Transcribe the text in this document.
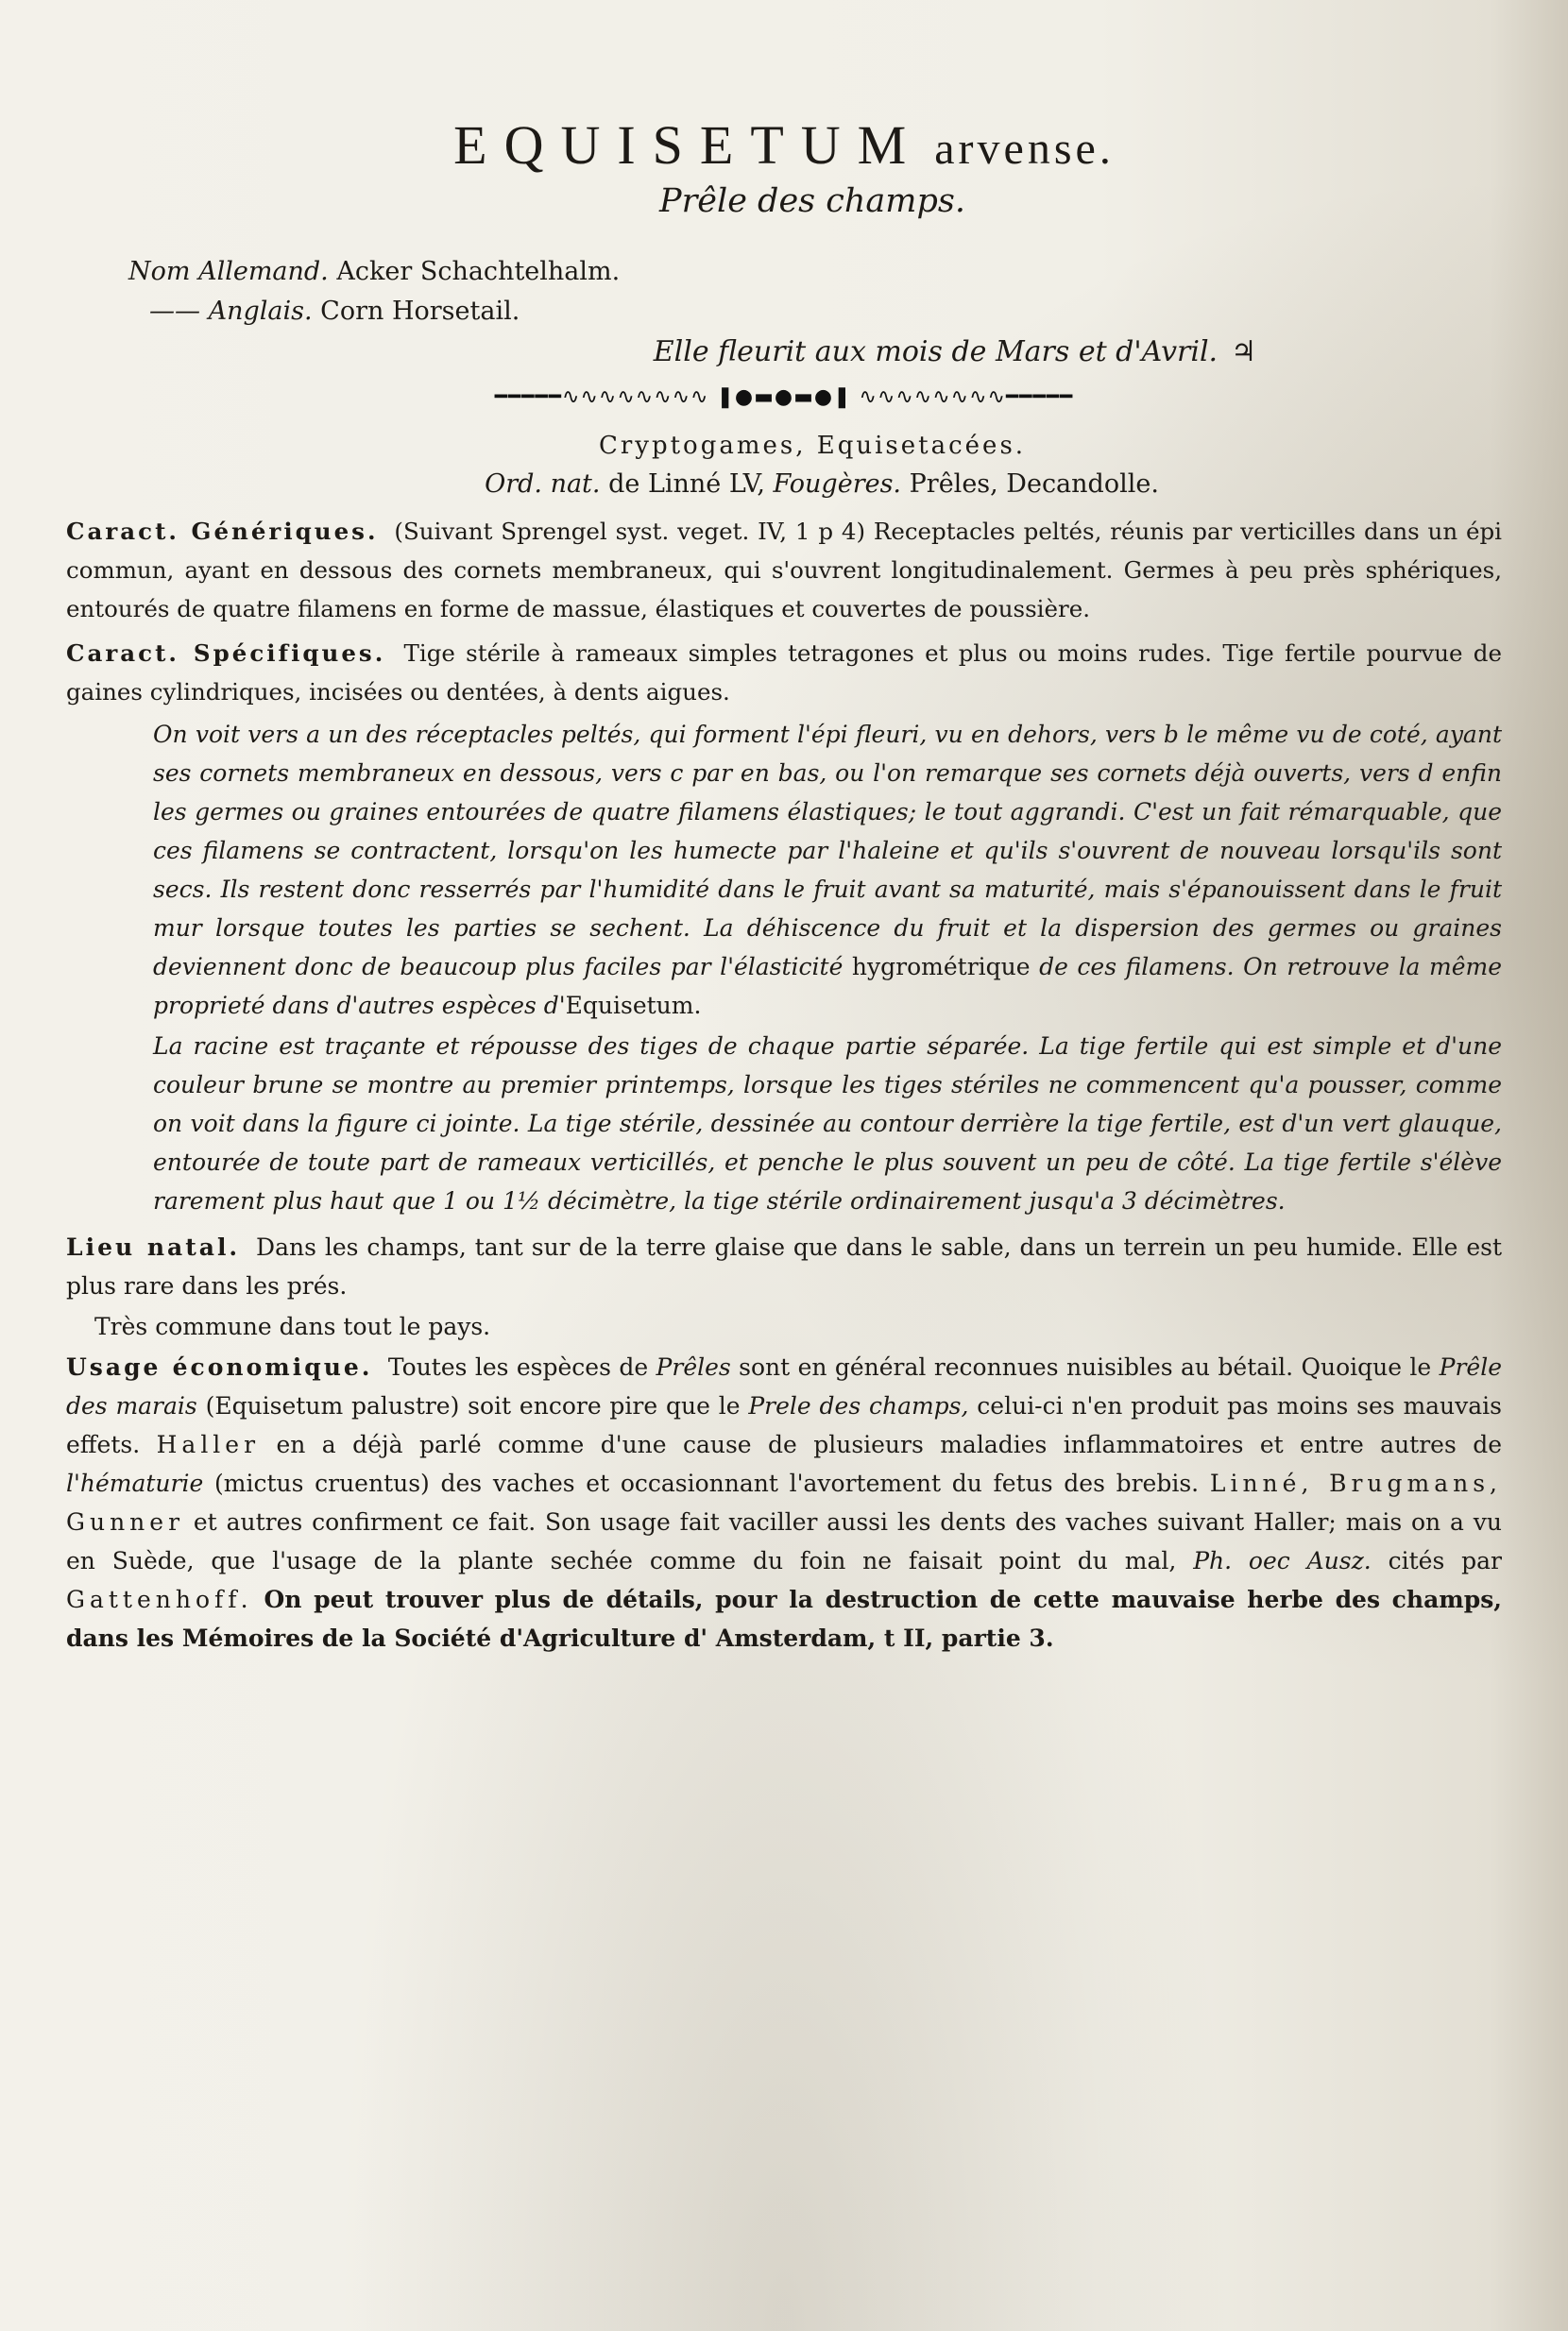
EQUISETUM arvense.
Prêle des champs.
Nom Allemand. Acker Schachtelhalm.
—— Anglais. Corn Horsetail.
Elle fleurit aux mois de Mars et d'Avril. ♃
━━━━━∿∿∿∿∿∿∿∿ ❚●▬●▬●❚ ∿∿∿∿∿∿∿∿━━━━━
Cryptogames, Equisetacées.
Ord. nat. de Linné LV, Fougères. Prêles, Decandolle.
Caract. Génériques. (Suivant Sprengel syst. veget. IV, 1 p 4) Receptacles peltés, réunis par verticilles dans un épi commun, ayant en dessous des cornets membraneux, qui s'ouvrent longitudinalement. Germes à peu près sphériques, entourés de quatre filamens en forme de massue, élastiques et couvertes de poussière.
Caract. Spécifiques. Tige stérile à rameaux simples tetragones et plus ou moins rudes. Tige fertile pourvue de gaines cylindriques, incisées ou dentées, à dents aigues.
On voit vers a un des réceptacles peltés, qui forment l'épi fleuri, vu en dehors, vers b le même vu de coté, ayant ses cornets membraneux en dessous, vers c par en bas, ou l'on remarque ses cornets déjà ouverts, vers d enfin les germes ou graines entourées de quatre filamens élastiques; le tout aggrandi. C'est un fait rémarquable, que ces filamens se contractent, lorsqu'on les humecte par l'haleine et qu'ils s'ouvrent de nouveau lorsqu'ils sont secs. Ils restent donc resserrés par l'humidité dans le fruit avant sa maturité, mais s'épanouissent dans le fruit mur lorsque toutes les parties se sechent. La déhiscence du fruit et la dispersion des germes ou graines deviennent donc de beaucoup plus faciles par l'élasticité hygrométrique de ces filamens. On retrouve la même proprieté dans d'autres espèces d'Equisetum.
La racine est traçante et répousse des tiges de chaque partie séparée. La tige fertile qui est simple et d'une couleur brune se montre au premier printemps, lorsque les tiges stériles ne commencent qu'a pousser, comme on voit dans la figure ci jointe. La tige stérile, dessinée au contour derrière la tige fertile, est d'un vert glauque, entourée de toute part de rameaux verticillés, et penche le plus souvent un peu de côté. La tige fertile s'élève rarement plus haut que 1 ou 1½ décimètre, la tige stérile ordinairement jusqu'a 3 décimètres.
Lieu natal. Dans les champs, tant sur de la terre glaise que dans le sable, dans un terrein un peu humide. Elle est plus rare dans les prés.
Très commune dans tout le pays.
Usage économique. Toutes les espèces de Prêles sont en général reconnues nuisibles au bétail. Quoique le Prêle des marais (Equisetum palustre) soit encore pire que le Prele des champs, celui-ci n'en produit pas moins ses mauvais effets. Haller en a déjà parlé comme d'une cause de plusieurs maladies inflammatoires et entre autres de l'hématurie (mictus cruentus) des vaches et occasionnant l'avortement du fetus des brebis. Linné, Brugmans, Gunner et autres confirment ce fait. Son usage fait vaciller aussi les dents des vaches suivant Haller; mais on a vu en Suède, que l'usage de la plante sechée comme du foin ne faisait point du mal, Ph. oec Ausz. cités par Gattenhoff. On peut trouver plus de détails, pour la destruction de cette mauvaise herbe des champs, dans les Mémoires de la Société d'Agriculture d' Amsterdam, t II, partie 3.
